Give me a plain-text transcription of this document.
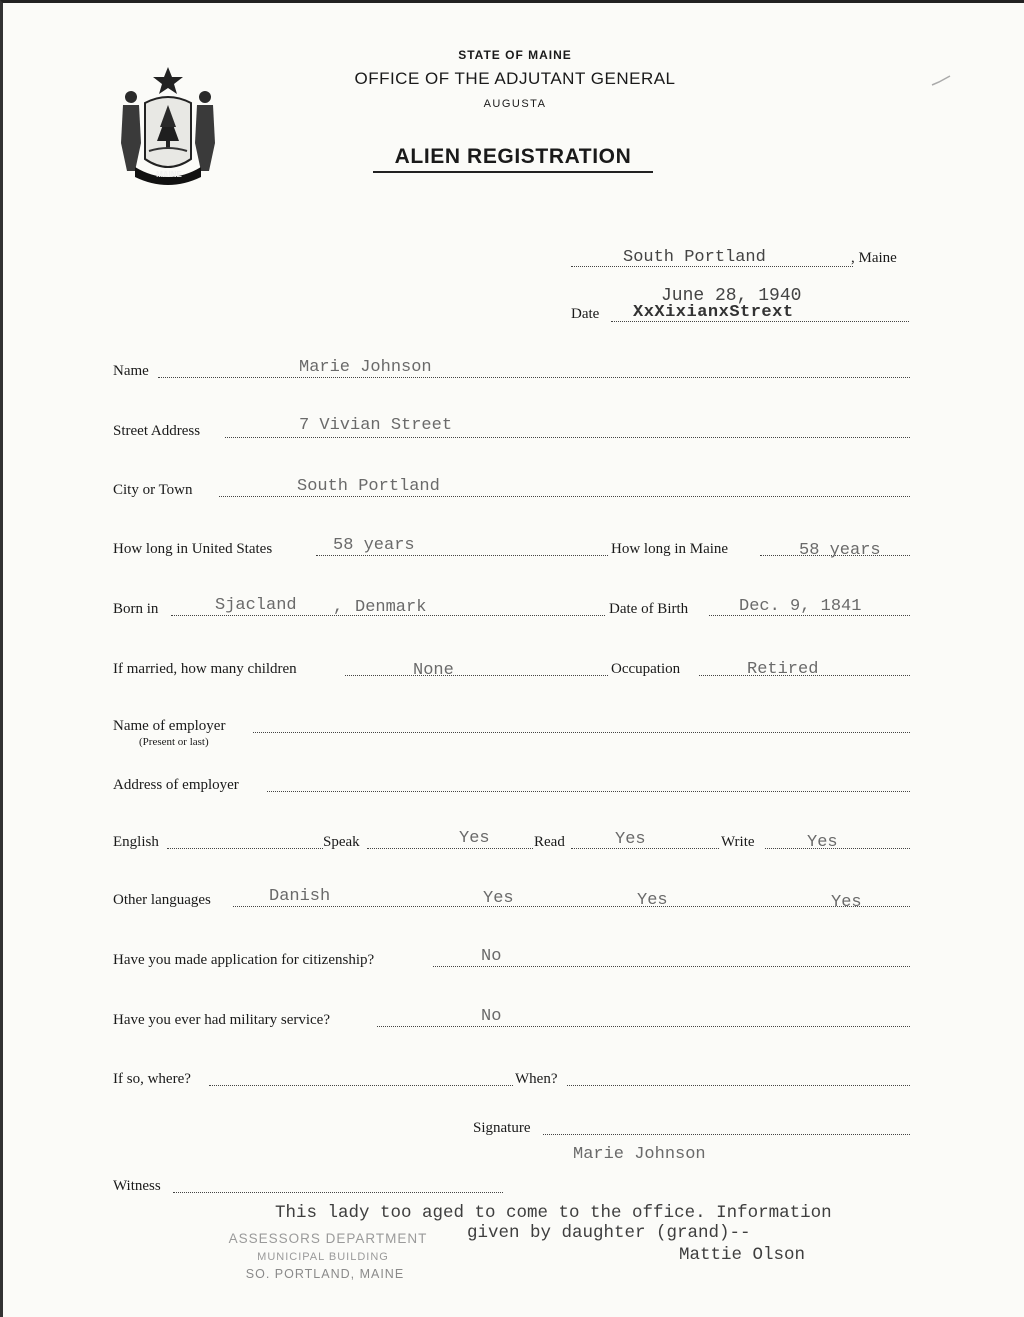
MAINE
STATE OF MAINE
OFFICE OF THE ADJUTANT GENERAL
AUGUSTA
ALIEN REGISTRATION
South Portland	, Maine
June 28, 1940
Date XxXixianxStrext
Name	Marie Johnson
Street Address	7 Vivian Street
City or Town	South Portland
How long in United States	58 years	How long in Maine	58 years
Born in	Sjacland , Denmark	Date of Birth	Dec. 9, 1841
If married, how many children	None	Occupation	Retired
Name of employer
(Present or last)
Address of employer
English	Speak	Yes	Read	Yes	Write	Yes
Other languages	Danish	Yes	Yes	Yes
Have you made application for citizenship?	No
Have you ever had military service?	No
If so, where?	When?
Signature
Marie Johnson
Witness
This lady too aged to come to the office. Information
given by daughter (grand)--
Mattie Olson
ASSESSORS DEPARTMENT
MUNICIPAL BUILDING
SO. PORTLAND, MAINE
